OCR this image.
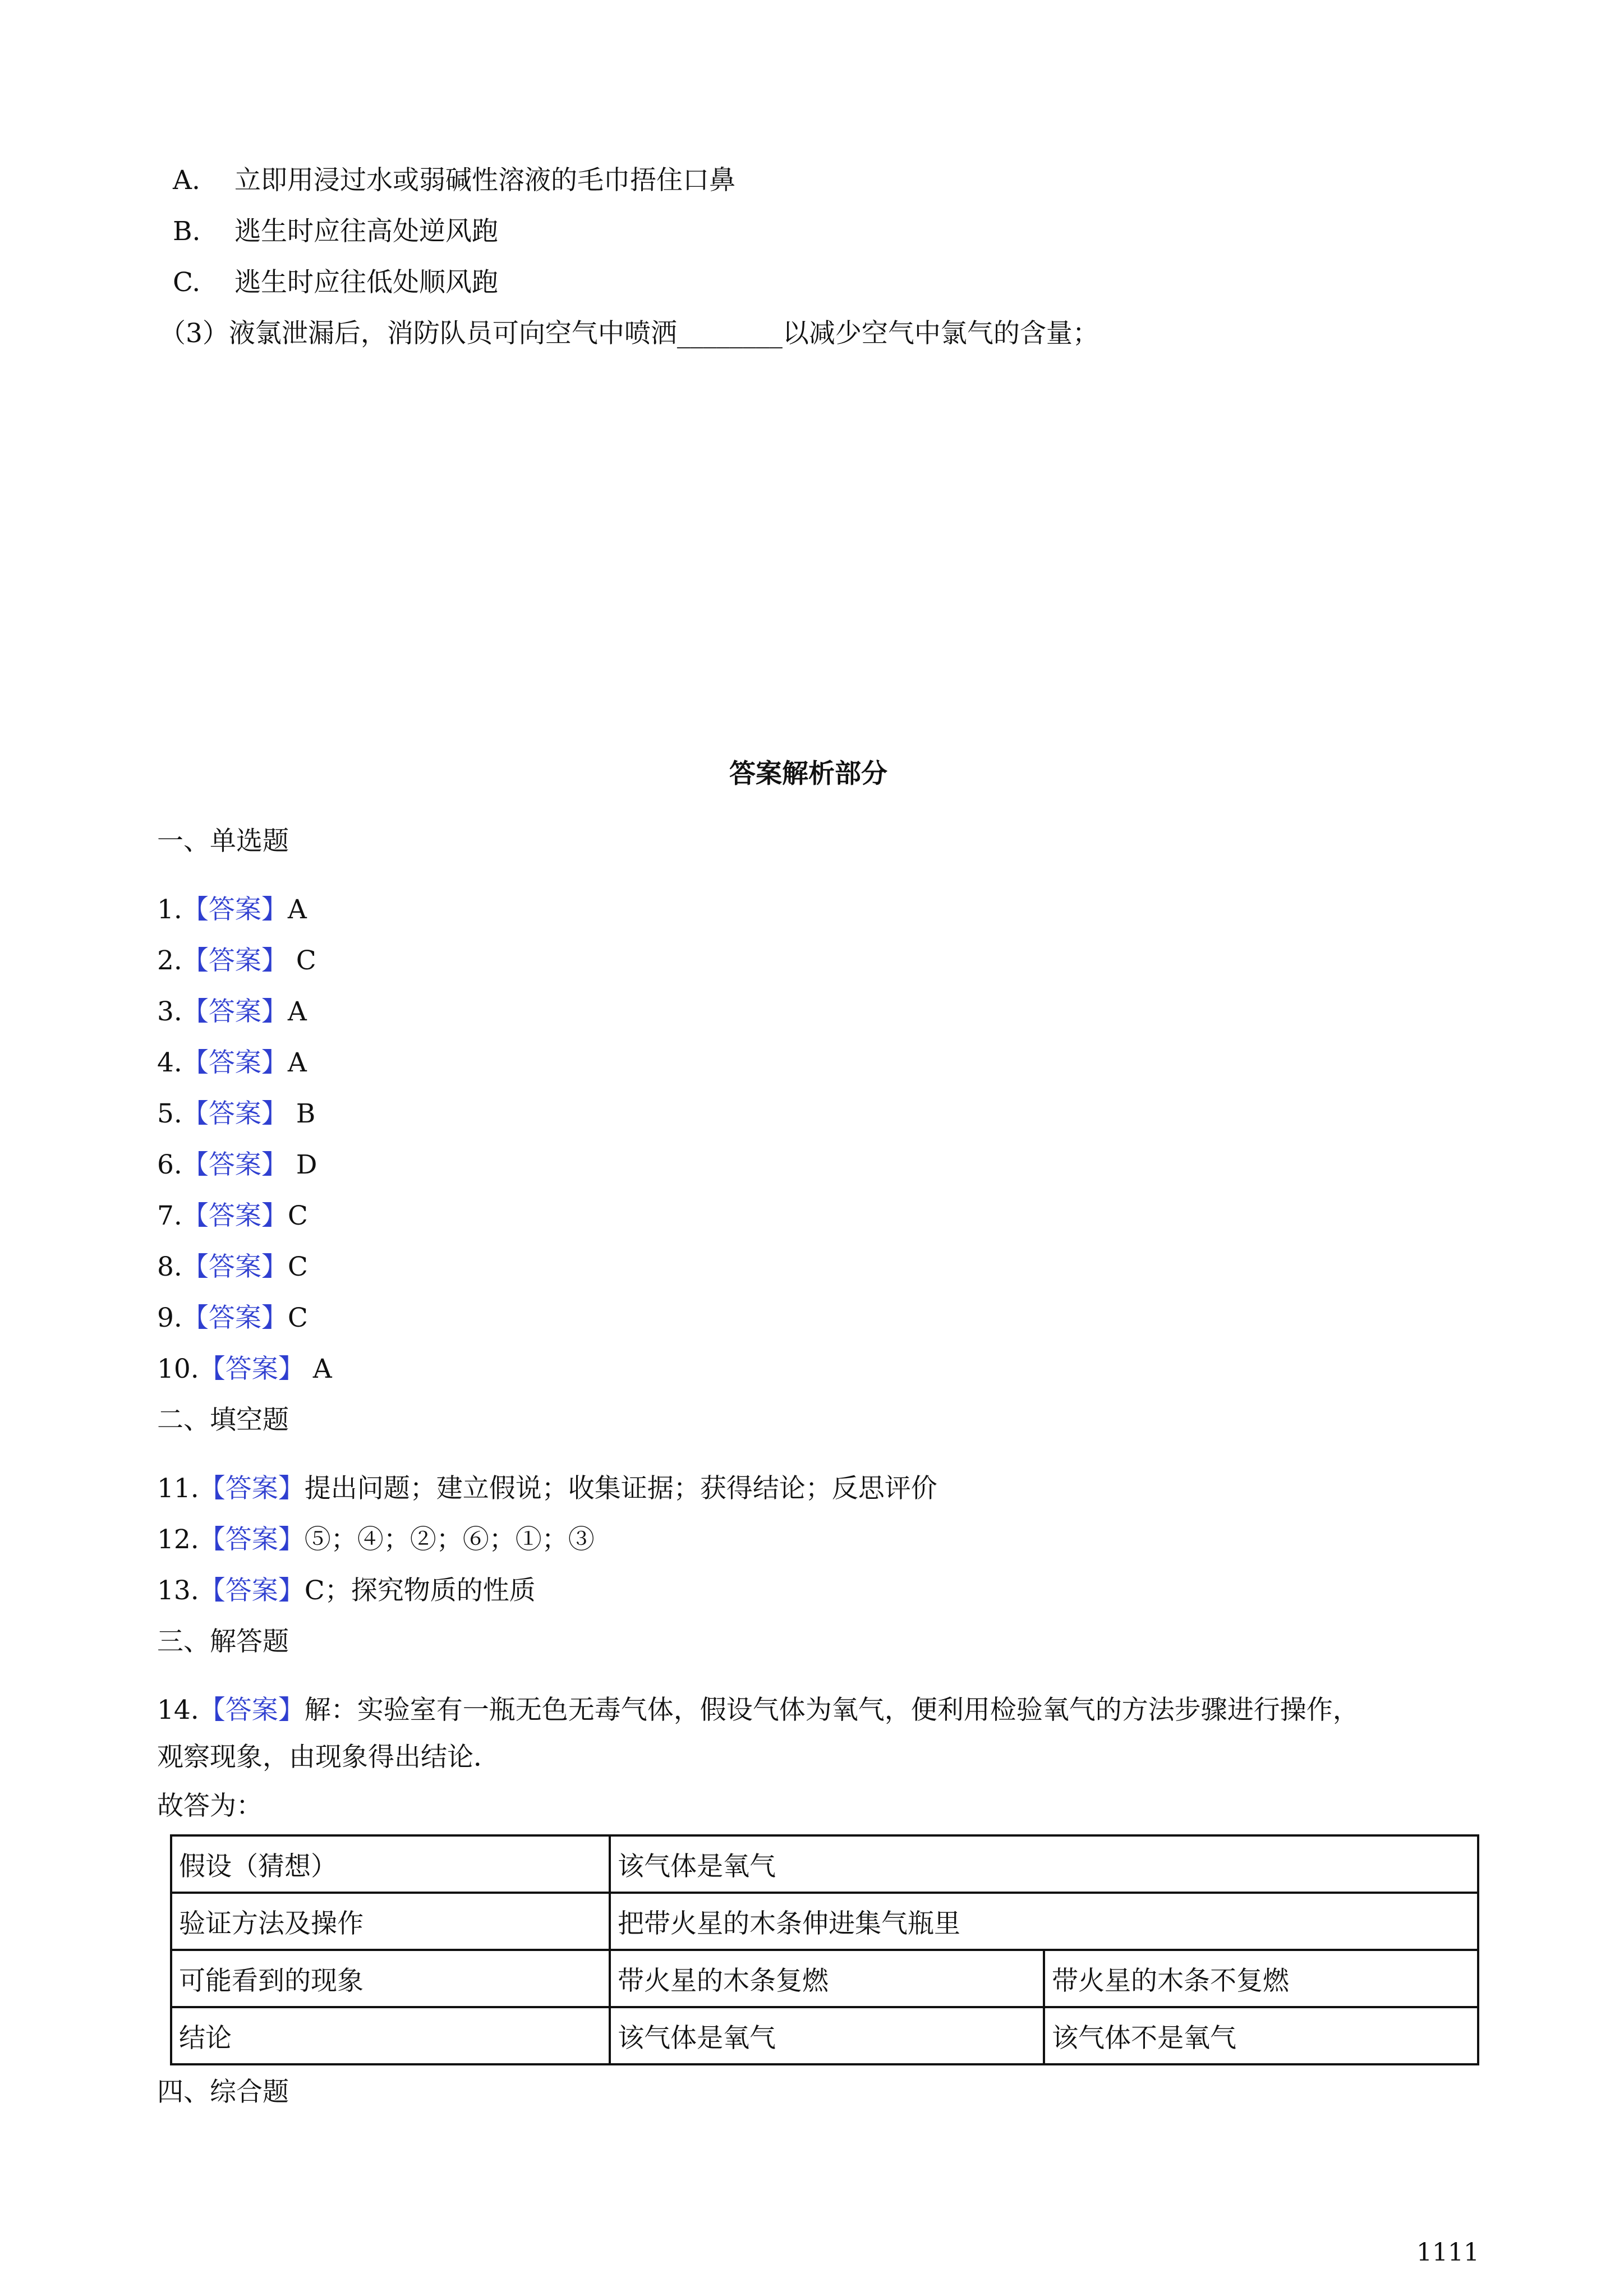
A. 立即用浸过水或弱碱性溶液的毛巾捂住口鼻
B. 逃生时应往高处逆风跑
C. 逃生时应往低处顺风跑
（3）液氯泄漏后，消防队员可向空气中喷洒________以减少空气中氯气的含量；
答案解析部分
一、单选题
1.【答案】A
2.【答案】 C
3.【答案】A
4.【答案】A
5.【答案】 B
6.【答案】 D
7.【答案】C
8.【答案】C
9.【答案】C
10.【答案】 A
二、填空题
11.【答案】提出问题；建立假说；收集证据；获得结论；反思评价
12.【答案】⑤；④；②；⑥；①；③
13.【答案】C；探究物质的性质
三、解答题
14.【答案】解：实验室有一瓶无色无毒气体，假设气体为氧气，便利用检验氧气的方法步骤进行操作，
观察现象，由现象得出结论．
故答为：
假设（猜想）	该气体是氧气	
验证方法及操作	把带火星的木条伸进集气瓶里	
可能看到的现象	带火星的木条复燃	带火星的木条不复燃
结论	该气体是氧气	该气体不是氧气
四、综合题
1111
